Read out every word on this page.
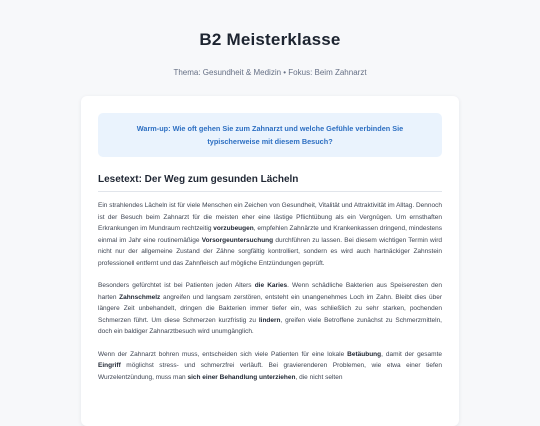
B2 Meisterklasse
Thema: Gesundheit & Medizin • Fokus: Beim Zahnarzt
Warm-up: Wie oft gehen Sie zum Zahnarzt und welche Gefühle verbinden Sie typischerweise mit diesem Besuch?
Lesetext: Der Weg zum gesunden Lächeln

Ein strahlendes Lächeln ist für viele Menschen ein Zeichen von Gesundheit, Vitalität und Attraktivität im Alltag. Dennoch ist der Besuch beim Zahnarzt für die meisten eher eine lästige Pflichtübung als ein Vergnügen. Um ernsthaften Erkrankungen im Mundraum rechtzeitig vorzubeugen, empfehlen Zahnärzte und Krankenkassen dringend, mindestens einmal im Jahr eine routinemäßige Vorsorgeuntersuchung durchführen zu lassen. Bei diesem wichtigen Termin wird nicht nur der allgemeine Zustand der Zähne sorgfältig kontrolliert, sondern es wird auch hartnäckiger Zahnstein professionell entfernt und das Zahnfleisch auf mögliche Entzündungen geprüft.

Besonders gefürchtet ist bei Patienten jeden Alters die Karies. Wenn schädliche Bakterien aus Speiseresten den harten Zahnschmelz angreifen und langsam zerstören, entsteht ein unangenehmes Loch im Zahn. Bleibt dies über längere Zeit unbehandelt, dringen die Bakterien immer tiefer ein, was schließlich zu sehr starken, pochenden Schmerzen führt. Um diese Schmerzen kurzfristig zu lindern, greifen viele Betroffene zunächst zu Schmerzmitteln, doch ein baldiger Zahnarztbesuch wird unumgänglich.

Wenn der Zahnarzt bohren muss, entscheiden sich viele Patienten für eine lokale Betäubung, damit der gesamte Eingriff möglichst stress- und schmerzfrei verläuft. Bei gravierenderen Problemen, wie etwa einer tiefen Wurzelentzündung, muss man sich einer Behandlung unterziehen, die nicht selten
